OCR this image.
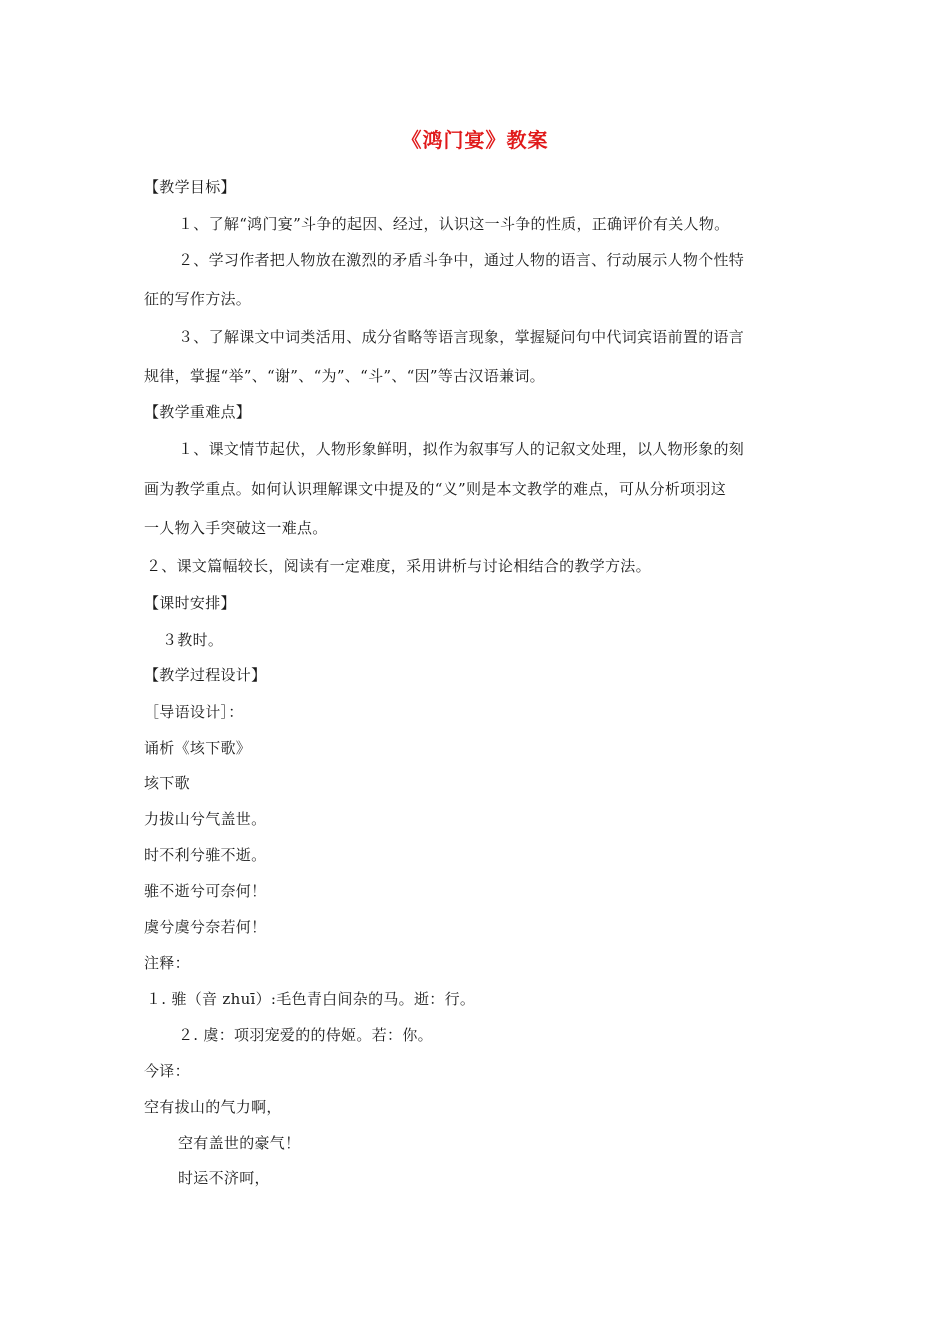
《鸿门宴》教案
【教学目标】
１、了解“鸿门宴”斗争的起因、经过，认识这一斗争的性质，正确评价有关人物。
２、学习作者把人物放在激烈的矛盾斗争中，通过人物的语言、行动展示人物个性特
征的写作方法。
３、了解课文中词类活用、成分省略等语言现象，掌握疑问句中代词宾语前置的语言
规律，掌握“举”、“谢”、“为”、“斗”、“因”等古汉语兼词。
【教学重难点】
１、课文情节起伏，人物形象鲜明，拟作为叙事写人的记叙文处理，以人物形象的刻
画为教学重点。如何认识理解课文中提及的“义”则是本文教学的难点，可从分析项羽这
一人物入手突破这一难点。
２、课文篇幅较长，阅读有一定难度，采用讲析与讨论相结合的教学方法。
【课时安排】
３教时。
【教学过程设计】
［导语设计］：
诵析《垓下歌》
垓下歌
力拔山兮气盖世。
时不利兮骓不逝。
骓不逝兮可奈何！
虞兮虞兮奈若何！
注释：
１. 骓（音 zhuī）:毛色青白间杂的马。逝：行。
２. 虞：项羽宠爱的的侍姬。若：你。
今译：
空有拔山的气力啊，
空有盖世的豪气！
时运不济呵，
